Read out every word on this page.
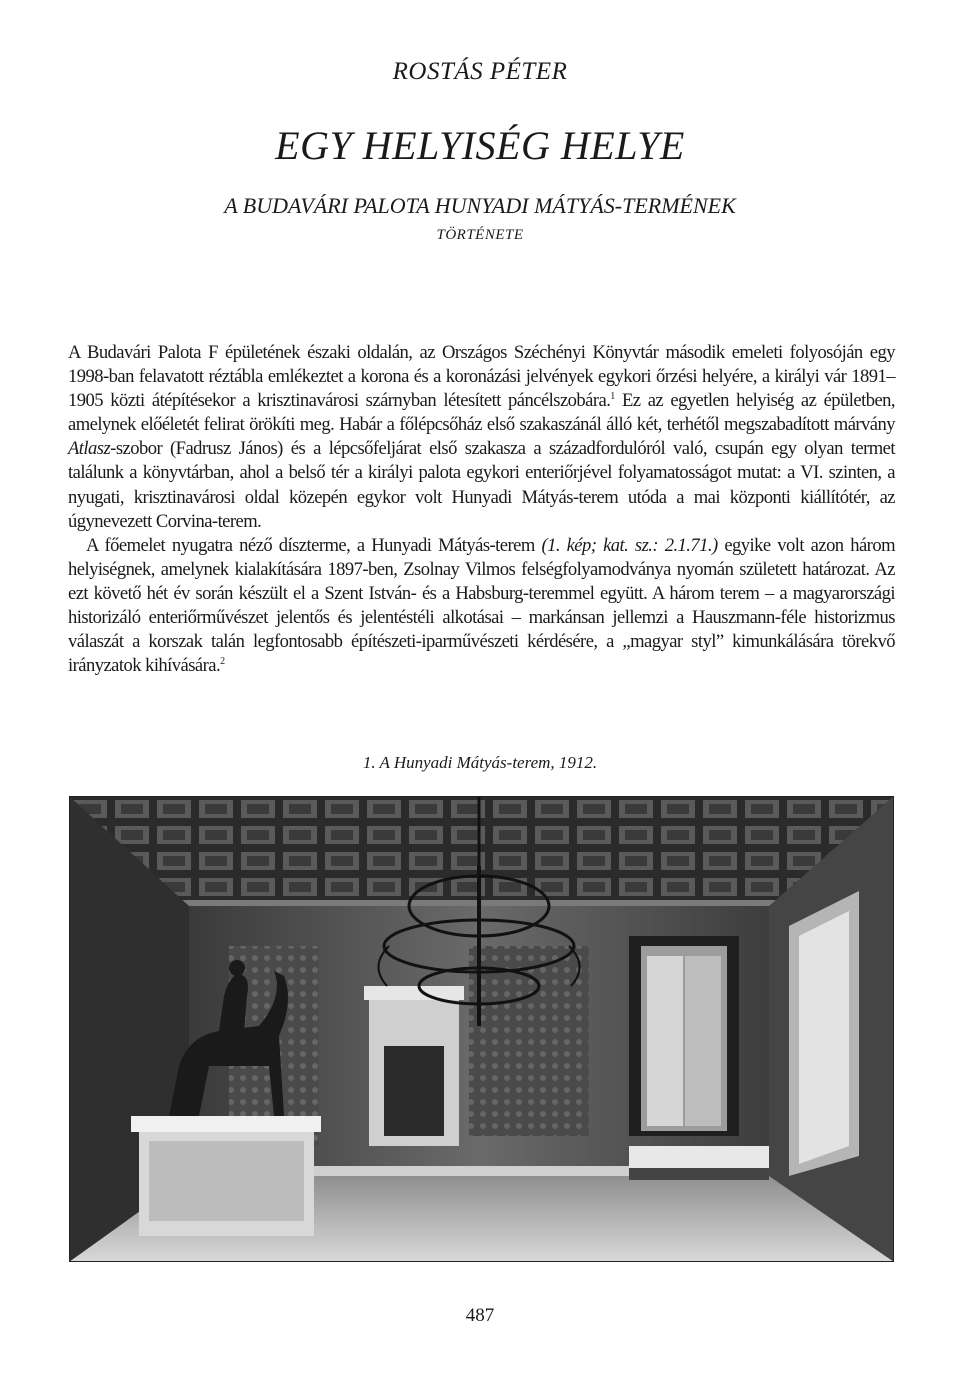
ROSTÁS PÉTER
EGY HELYISÉG HELYE
A BUDAVÁRI PALOTA HUNYADI MÁTYÁS-TERMÉNEK
TÖRTÉNETE

A Budavári Palota F épületének északi oldalán, az Országos Széchényi Könyvtár második emeleti folyosóján egy 1998-ban felavatott réztábla emlékeztet a korona és a koronázási jelvények egykori őrzési helyére, a királyi vár 1891–1905 közti átépítésekor a krisztinavárosi szárnyban létesített páncélszobára.$^1$ Ez az egyetlen helyiség az épületben, amelynek előéletét felirat örökíti meg. Habár a főlépcsőház első szakaszánál álló két, terhétől megszabadított márvány Atlasz-szobor (Fadrusz János) és a lépcsőfeljárat első szakasza a századfordulóról való, csupán egy olyan termet találunk a könyvtárban, ahol a belső tér a királyi palota egykori enteriőrjével folyamatosságot mutat: a VI. szinten, a nyugati, krisztinavárosi oldal közepén egykor volt Hunyadi Mátyás-terem utóda a mai központi kiállítótér, az úgynevezett Corvina-terem.

A főemelet nyugatra néző díszterme, a Hunyadi Mátyás-terem (1. kép; kat. sz.: 2.1.71.) egyike volt azon három helyiségnek, amelynek kialakítására 1897-ben, Zsolnay Vilmos felségfolyamodványa nyomán született határozat. Az ezt követő hét év során készült el a Szent István- és a Habsburg-teremmel együtt. A három terem – a magyarországi historizáló enteriőrművészet jelentős és jelentéstéli alkotásai – markánsan jellemzi a Hauszmann-féle historizmus válaszát a korszak talán legfontosabb építészeti-iparművészeti kérdésére, a „magyar styl” kimunkálására törekvő irányzatok kihívására.$^2$

1. A Hunyadi Mátyás-terem, 1912.
487
